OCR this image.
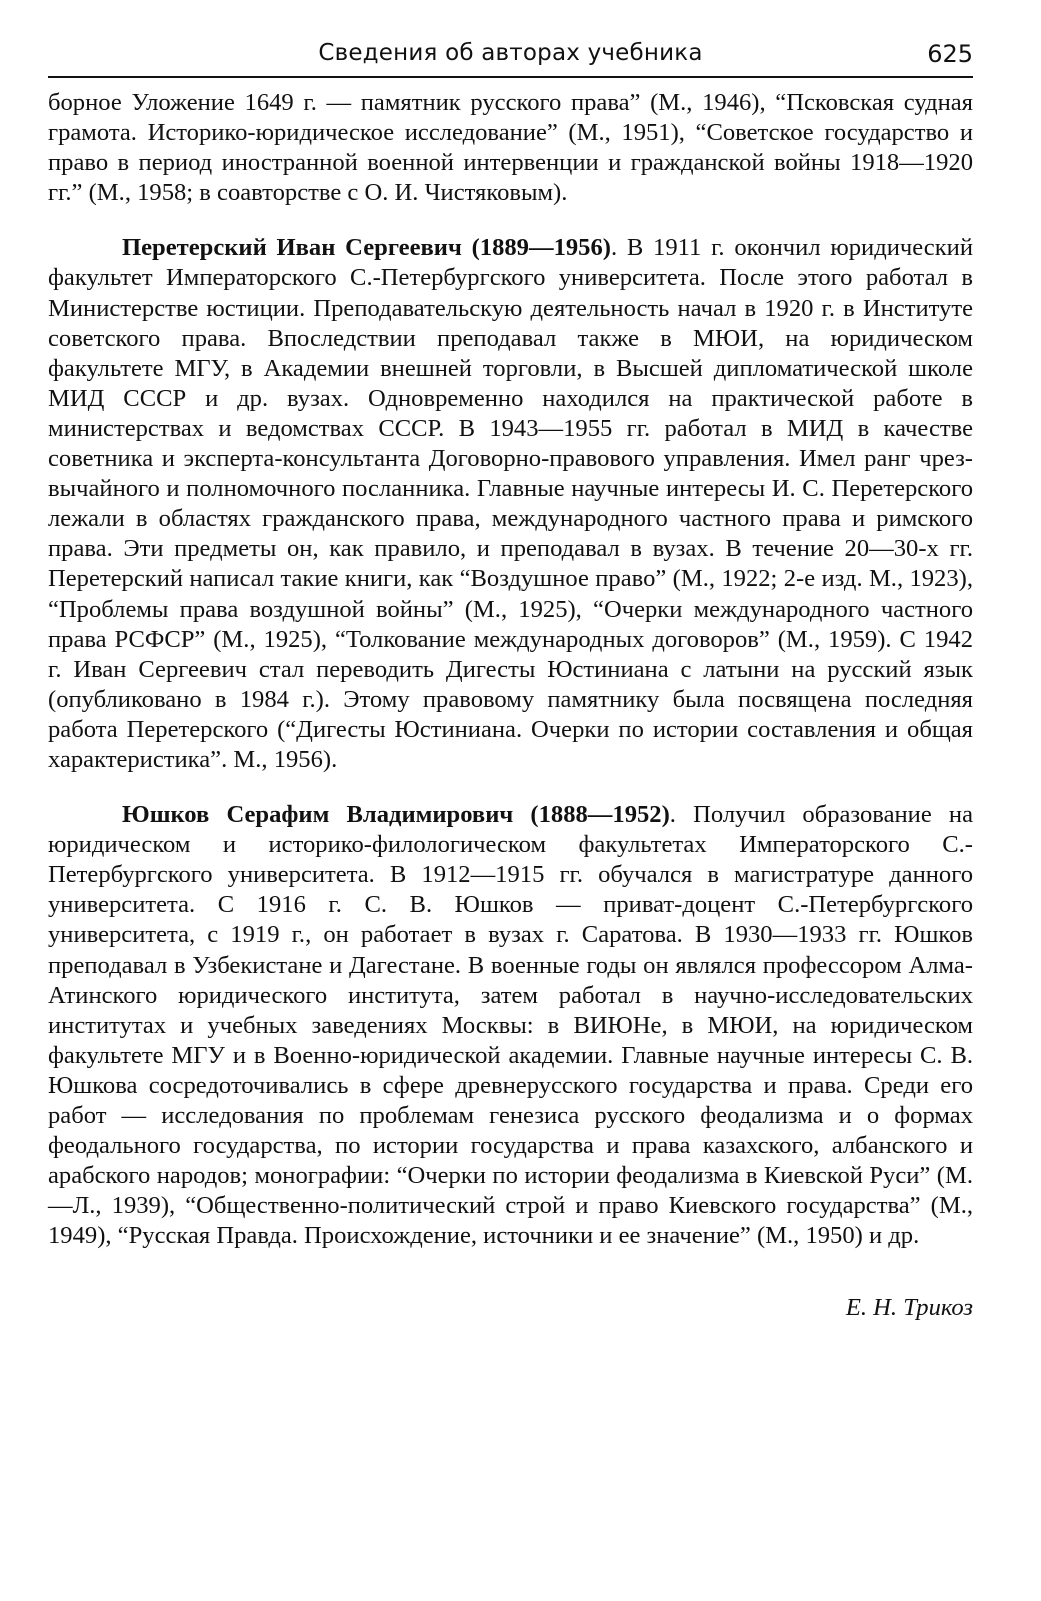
Сведения об авторах учебника	625

борное Уложение 1649 г. — памятник русского права” (М., 1946), “Псковская судная грамота. Историко-юридическое исследование” (М., 1951), “Советское государство и право в период иностранной военной интервенции и гражданской войны 1918—1920 гг.” (М., 1958; в соавторстве с О. И. Чистяковым).

Перетерский Иван Сергеевич (1889—1956). В 1911 г. окончил юридический факультет Императорского С.-Петербургского университета. После этого работал в Министерстве юстиции. Преподавательскую деятельность начал в 1920 г. в Институте советского права. Впоследствии преподавал также в МЮИ, на юридическом факультете МГУ, в Академии внешней торговли, в Высшей дипломатической школе МИД СССР и др. вузах. Одновременно находился на практической работе в министерствах и ведомствах СССР. В 1943—1955 гг. работал в МИД в качестве советника и эксперта-консультанта Договорно-правового управления. Имел ранг чрезвычайного и полномочного посланника. Главные научные интересы И. С. Перетерского лежали в областях гражданского права, международного частного права и римского права. Эти предметы он, как правило, и преподавал в вузах. В течение 20—30-х гг. Перетерский написал такие книги, как “Воздушное право” (М., 1922; 2-е изд. М., 1923), “Проблемы права воздушной войны” (М., 1925), “Очерки международного частного права РСФСР” (М., 1925), “Толкование международных договоров” (М., 1959). С 1942 г. Иван Сергеевич стал переводить Дигесты Юстиниана с латыни на русский язык (опубликовано в 1984 г.). Этому правовому памятнику была посвящена последняя работа Перетерского (“Дигесты Юстиниана. Очерки по истории составления и общая характеристика”. М., 1956).

Юшков Серафим Владимирович (1888—1952). Получил образование на юридическом и историко-филологическом факультетах Императорского С.-Петербургского университета. В 1912—1915 гг. обучался в магистратуре данного университета. С 1916 г. С. В. Юшков — приват-доцент С.-Петербургского университета, с 1919 г., он работает в вузах г. Саратова. В 1930—1933 гг. Юшков преподавал в Узбекистане и Дагестане. В военные годы он являлся профессором Алма-Атинского юридического института, затем работал в научно-исследовательских институтах и учебных заведениях Москвы: в ВИЮНе, в МЮИ, на юридическом факультете МГУ и в Военно-юридической академии. Главные научные интересы С. В. Юшкова сосредоточивались в сфере древнерусского государства и права. Среди его работ — исследования по проблемам генезиса русского феодализма и о формах феодального государства, по истории государства и права казахского, албанского и арабского народов; монографии: “Очерки по истории феодализма в Киевской Руси” (М.—Л., 1939), “Общественно-политический строй и право Киевского государства” (М., 1949), “Русская Правда. Происхождение, источники и ее значение” (М., 1950) и др.

Е. Н. Трикоз
